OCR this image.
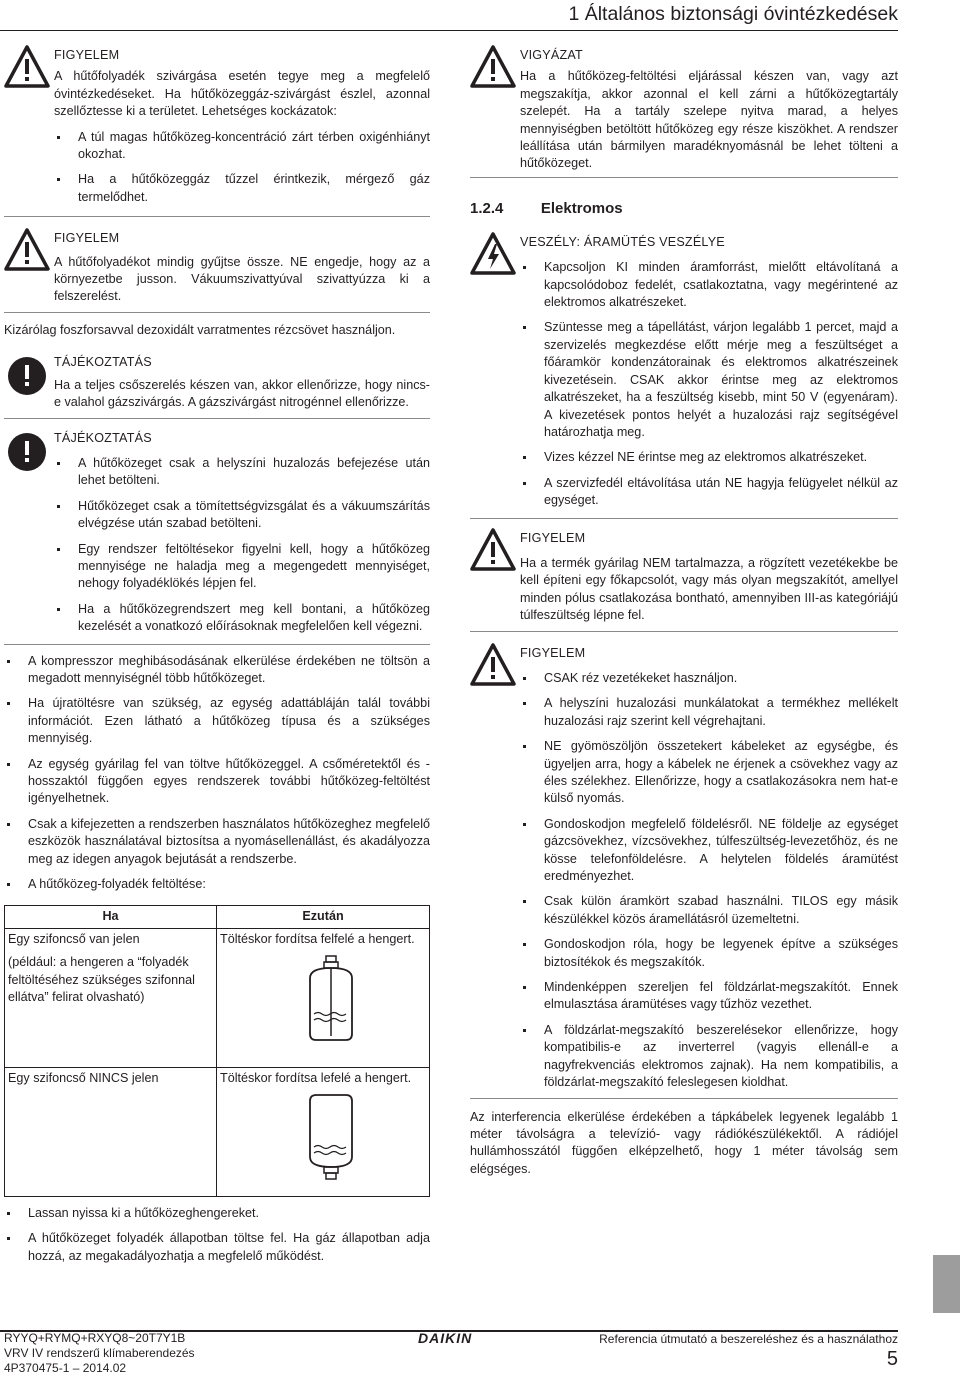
1 Általános biztonsági óvintézkedések
FIGYELEM

A hűtőfolyadék szivárgása esetén tegye meg a megfelelő óvintézkedéseket. Ha hűtőközeggáz-szivárgást észlel, azonnal szellőztesse ki a területet. Lehetséges kockázatok:

A túl magas hűtőközeg-koncentráció zárt térben oxigénhiányt okozhat.
Ha a hűtőközeggáz tűzzel érintkezik, mérgező gáz termelődhet.
FIGYELEM

A hűtőfolyadékot mindig gyűjtse össze. NE engedje, hogy az a környezetbe jusson. Vákuumszivattyúval szivattyúzza ki a felszerelést.

Kizárólag foszforsavval dezoxidált varratmentes rézcsövet használjon.

TÁJÉKOZTATÁS

Ha a teljes csőszerelés készen van, akkor ellenőrizze, hogy nincs-e valahol gázszivárgás. A gázszivárgást nitrogénnel ellenőrizze.

TÁJÉKOZTATÁS
A hűtőközeget csak a helyszíni huzalozás befejezése után lehet betölteni.
Hűtőközeget csak a tömítettségvizsgálat és a vákuumszárítás elvégzése után szabad betölteni.
Egy rendszer feltöltésekor figyelni kell, hogy a hűtőközeg mennyisége ne haladja meg a megengedett mennyiséget, nehogy folyadéklökés lépjen fel.
Ha a hűtőközegrendszert meg kell bontani, a hűtőközeg kezelését a vonatkozó előírásoknak megfelelően kell végezni.
A kompresszor meghibásodásának elkerülése érdekében ne töltsön a megadott mennyiségnél több hűtőközeget.
Ha újratöltésre van szükség, az egység adattábláján talál további információt. Ezen látható a hűtőközeg típusa és a szükséges mennyiség.
Az egység gyárilag fel van töltve hűtőközeggel. A csőméretektől és -hosszaktól függően egyes rendszerek további hűtőközeg-feltöltést igényelhetnek.
Csak a kifejezetten a rendszerben használatos hűtőközeghez megfelelő eszközök használatával biztosítsa a nyomásellenállást, és akadályozza meg az idegen anyagok bejutását a rendszerbe.
A hűtőközeg-folyadék feltöltése:
Ha	Ezután

Egy szifoncső van jelen
(például: a hengeren a “folyadék feltöltéséhez szükséges szifonnal ellátva” felirat olvasható)	Töltéskor fordítsa felfelé a hengert.

Egy szifoncső NINCS jelen	Töltéskor fordítsa lefelé a hengert.
Lassan nyissa ki a hűtőközeghengereket.
A hűtőközeget folyadék állapotban töltse fel. Ha gáz állapotban adja hozzá, az megakadályozhatja a megfelelő működést.
VIGYÁZAT

Ha a hűtőközeg-feltöltési eljárással készen van, vagy azt megszakítja, akkor azonnal el kell zárni a hűtőközegtartály szelepét. Ha a tartály szelepe nyitva marad, a helyes mennyiségben betöltött hűtőközeg egy része kiszökhet. A rendszer leállítása után bármilyen maradéknyomásnál be lehet tölteni a hűtőközeget.

1.2.4	Elektromos
VESZÉLY: ÁRAMÜTÉS VESZÉLYE
Kapcsoljon KI minden áramforrást, mielőtt eltávolítaná a kapcsolódoboz fedelét, csatlakoztatna, vagy megérintené az elektromos alkatrészeket.
Szüntesse meg a tápellátást, várjon legalább 1 percet, majd a szervizelés megkezdése előtt mérje meg a feszültséget a főáramkör kondenzátorainak és elektromos alkatrészeinek kivezetésein. CSAK akkor érintse meg az elektromos alkatrészeket, ha a feszültség kisebb, mint 50 V (egyenáram). A kivezetések pontos helyét a huzalozási rajz segítségével határozhatja meg.
Vizes kézzel NE érintse meg az elektromos alkatrészeket.
A szervizfedél eltávolítása után NE hagyja felügyelet nélkül az egységet.
FIGYELEM

Ha a termék gyárilag NEM tartalmazza, a rögzített vezetékekbe be kell építeni egy főkapcsolót, vagy más olyan megszakítót, amellyel minden pólus csatlakozása bontható, amennyiben III-as kategóriájú túlfeszültség lépne fel.

FIGYELEM
CSAK réz vezetékeket használjon.
A helyszíni huzalozási munkálatokat a termékhez mellékelt huzalozási rajz szerint kell végrehajtani.
NE gyömöszöljön összetekert kábeleket az egységbe, és ügyeljen arra, hogy a kábelek ne érjenek a csövekhez vagy az éles szélekhez. Ellenőrizze, hogy a csatlakozásokra nem hat-e külső nyomás.
Gondoskodjon megfelelő földelésről. NE földelje az egységet gázcsövekhez, vízcsövekhez, túlfeszültség-levezetőhöz, és ne kösse telefonföldelésre. A helytelen földelés áramütést eredményezhet.
Csak külön áramkört szabad használni. TILOS egy másik készülékkel közös áramellátásról üzemeltetni.
Gondoskodjon róla, hogy be legyenek építve a szükséges biztosítékok és megszakítók.
Mindenképpen szereljen fel földzárlat-megszakítót. Ennek elmulasztása áramütéses vagy tűzhöz vezethet.
A földzárlat-megszakító beszerelésekor ellenőrizze, hogy kompatibilis-e az inverterrel (vagyis ellenáll-e a nagyfrekvenciás elektromos zajnak). Ha nem kompatibilis, a földzárlat-megszakító feleslegesen kioldhat.

Az interferencia elkerülése érdekében a tápkábelek legyenek legalább 1 méter távolságra a televízió- vagy rádiókészülékektől. A rádiójel hullámhosszától függően elképzelhető, hogy 1 méter távolság sem elégséges.

RYYQ+RYMQ+RXYQ8~20T7Y1B
VRV IV rendszerű klímaberendezés
4P370475-1 – 2014.02
DAIKIN	Referencia útmutató a beszereléshez és a használathoz
5
